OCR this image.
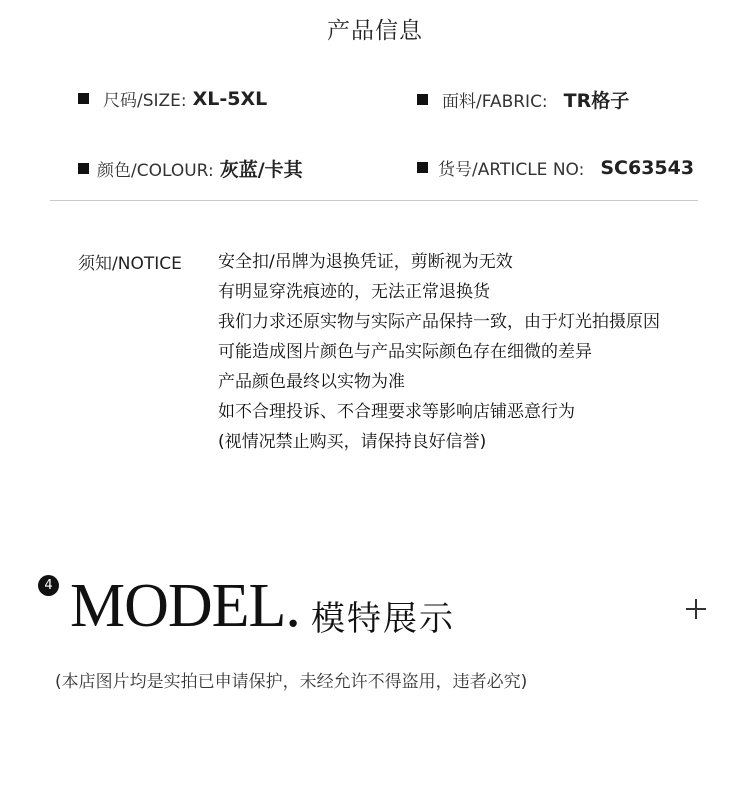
产品信息
尺码/SIZE: XL-5XL	面料/FABRIC: TR格子
颜色/COLOUR: 灰蓝/卡其	货号/ARTICLE NO: SC63543
须知/NOTICE 安全扣/吊牌为退换凭证，剪断视为无效
有明显穿洗痕迹的，无法正常退换货
我们力求还原实物与实际产品保持一致，由于灯光拍摄原因
可能造成图片颜色与产品实际颜色存在细微的差异
产品颜色最终以实物为准
如不合理投诉、不合理要求等影响店铺恶意行为
(视情况禁止购买，请保持良好信誉)
4 MODEL. 模特展示
(本店图片均是实拍已申请保护，未经允许不得盗用，违者必究)
